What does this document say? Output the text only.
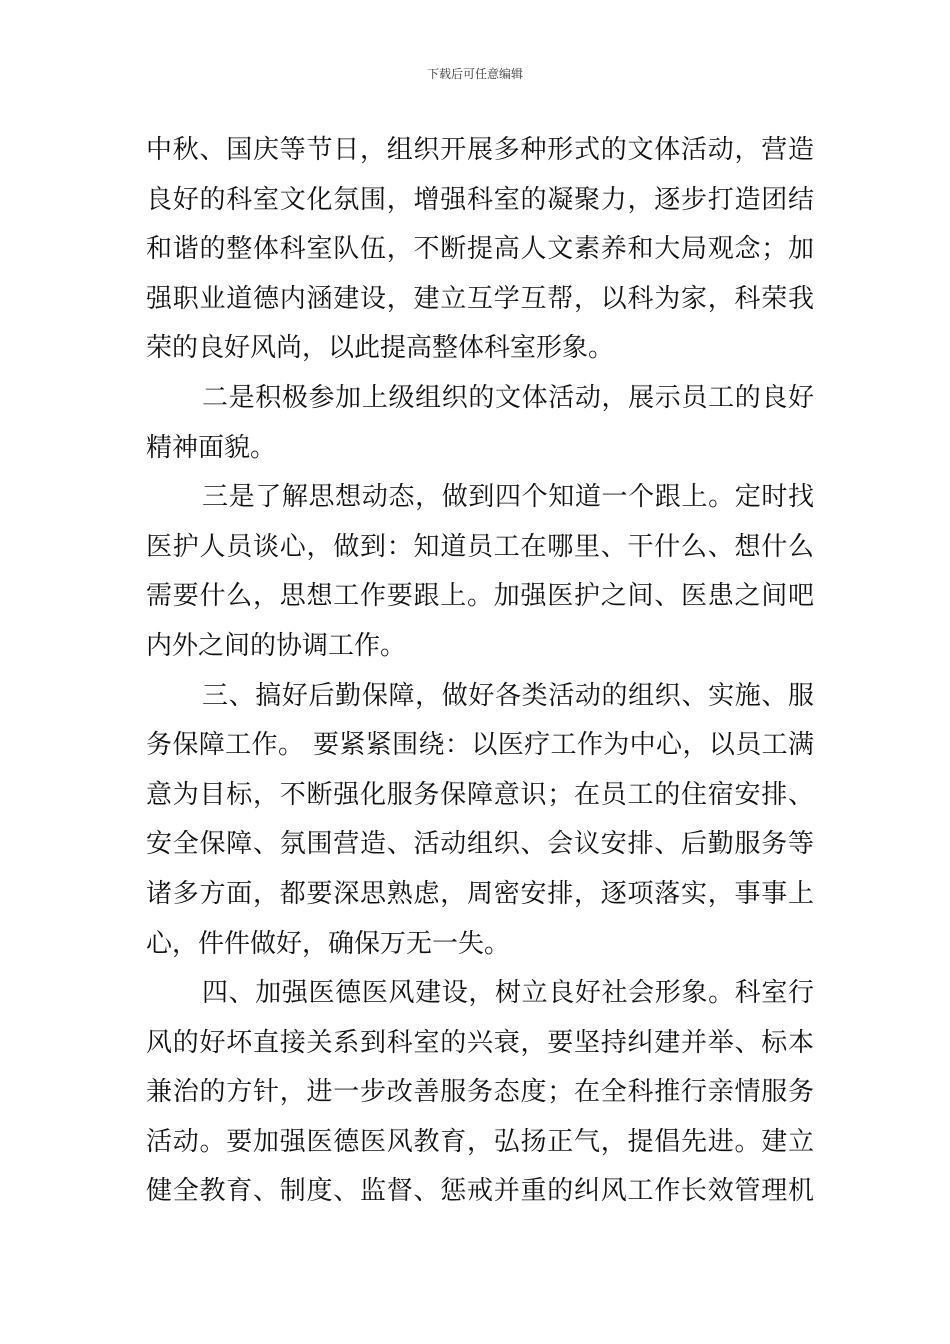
下载后可任意编辑
中秋、国庆等节日，组织开展多种形式的文体活动，营造
良好的科室文化氛围，增强科室的凝聚力，逐步打造团结
和谐的整体科室队伍，不断提高人文素养和大局观念；加
强职业道德内涵建设，建立互学互帮，以科为家，科荣我
荣的良好风尚，以此提高整体科室形象。
二是积极参加上级组织的文体活动，展示员工的良好
精神面貌。
三是了解思想动态，做到四个知道一个跟上。定时找
医护人员谈心，做到：知道员工在哪里、干什么、想什么
需要什么，思想工作要跟上。加强医护之间、医患之间吧
内外之间的协调工作。
三、搞好后勤保障，做好各类活动的组织、实施、服
务保障工作。 要紧紧围绕：以医疗工作为中心，以员工满
意为目标，不断强化服务保障意识；在员工的住宿安排、
安全保障、氛围营造、活动组织、会议安排、后勤服务等
诸多方面，都要深思熟虑，周密安排，逐项落实，事事上
心，件件做好，确保万无一失。
四、加强医德医风建设，树立良好社会形象。科室行
风的好坏直接关系到科室的兴衰，要坚持纠建并举、标本
兼治的方针，进一步改善服务态度；在全科推行亲情服务
活动。要加强医德医风教育，弘扬正气，提倡先进。建立
健全教育、制度、监督、惩戒并重的纠风工作长效管理机
